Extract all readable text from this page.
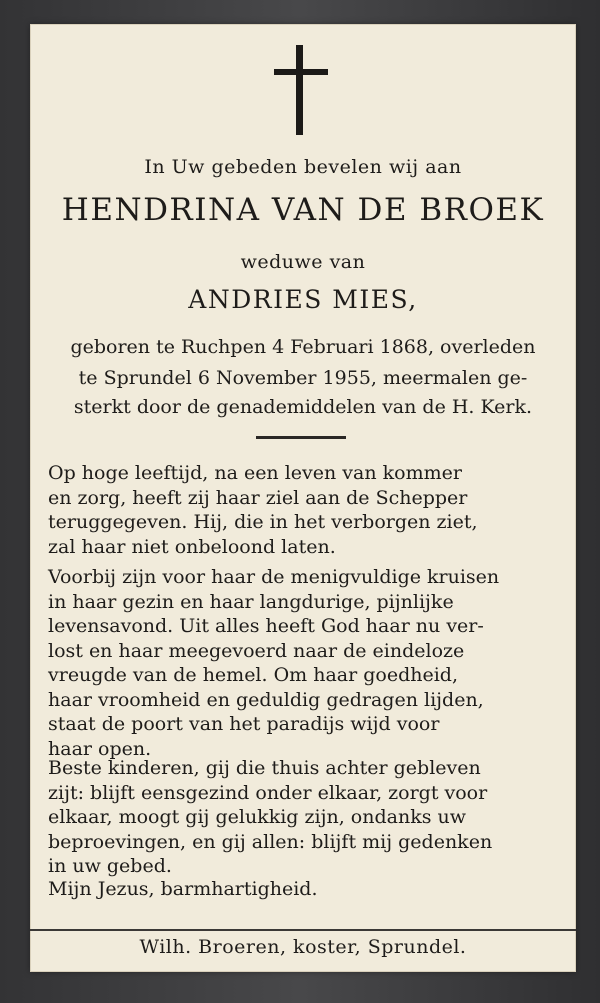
In Uw gebeden bevelen wij aan
HENDRINA VAN DE BROEK
weduwe van
ANDRIES MIES,
geboren te Ruchpen 4 Februari 1868, overleden
te Sprundel 6 November 1955, meermalen ge-
sterkt door de genademiddelen van de H. Kerk.
Op hoge leeftijd, na een leven van kommer
en zorg, heeft zij haar ziel aan de Schepper
teruggegeven. Hij, die in het verborgen ziet,
zal haar niet onbeloond laten.
Voorbij zijn voor haar de menigvuldige kruisen
in haar gezin en haar langdurige, pijnlijke
levensavond. Uit alles heeft God haar nu ver-
lost en haar meegevoerd naar de eindeloze
vreugde van de hemel. Om haar goedheid,
haar vroomheid en geduldig gedragen lijden,
staat de poort van het paradijs wijd voor
haar open.
Beste kinderen, gij die thuis achter gebleven
zijt: blijft eensgezind onder elkaar, zorgt voor
elkaar, moogt gij gelukkig zijn, ondanks uw
beproevingen, en gij allen: blijft mij gedenken
in uw gebed.
Mijn Jezus, barmhartigheid.
Wilh. Broeren, koster, Sprundel.
